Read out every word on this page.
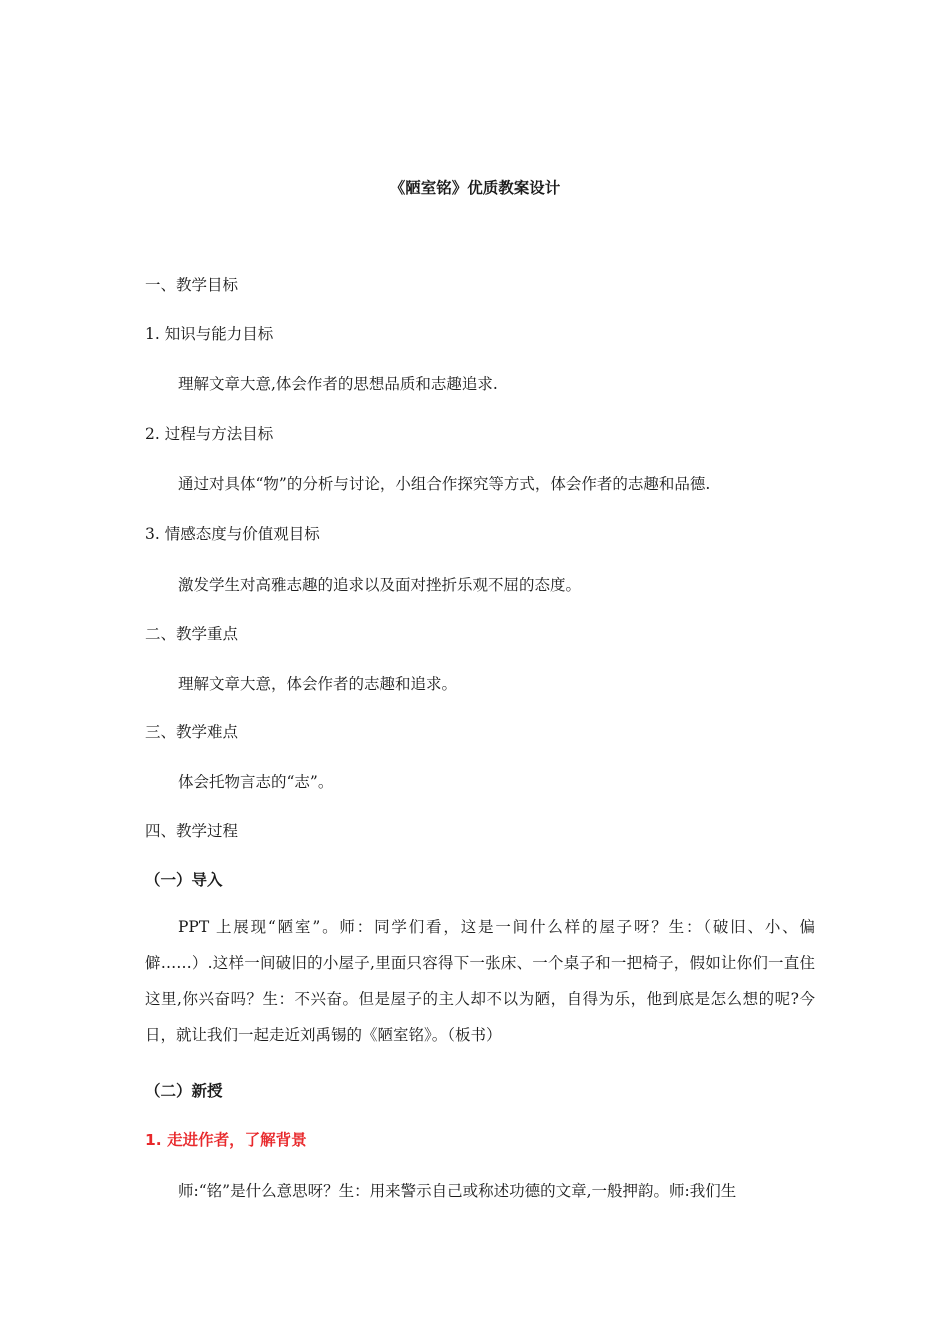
《陋室铭》优质教案设计
一、教学目标
1. 知识与能力目标
理解文章大意,体会作者的思想品质和志趣追求.
2. 过程与方法目标
通过对具体“物”的分析与讨论，小组合作探究等方式，体会作者的志趣和品德.
3. 情感态度与价值观目标
激发学生对高雅志趣的追求以及面对挫折乐观不屈的态度。
二、教学重点
理解文章大意，体会作者的志趣和追求。
三、教学难点
体会托物言志的“志”。
四、教学过程
（一）导入
PPT 上展现“陋室”。师：同学们看，这是一间什么样的屋子呀？生：（破旧、小、偏僻……）.这样一间破旧的小屋子,里面只容得下一张床、一个桌子和一把椅子，假如让你们一直住这里,你兴奋吗？生：不兴奋。但是屋子的主人却不以为陋，自得为乐，他到底是怎么想的呢?今日，就让我们一起走近刘禹锡的《陋室铭》。（板书）
（二）新授
1. 走进作者，了解背景
师:“铭”是什么意思呀？生：用来警示自己或称述功德的文章,一般押韵。师:我们生
